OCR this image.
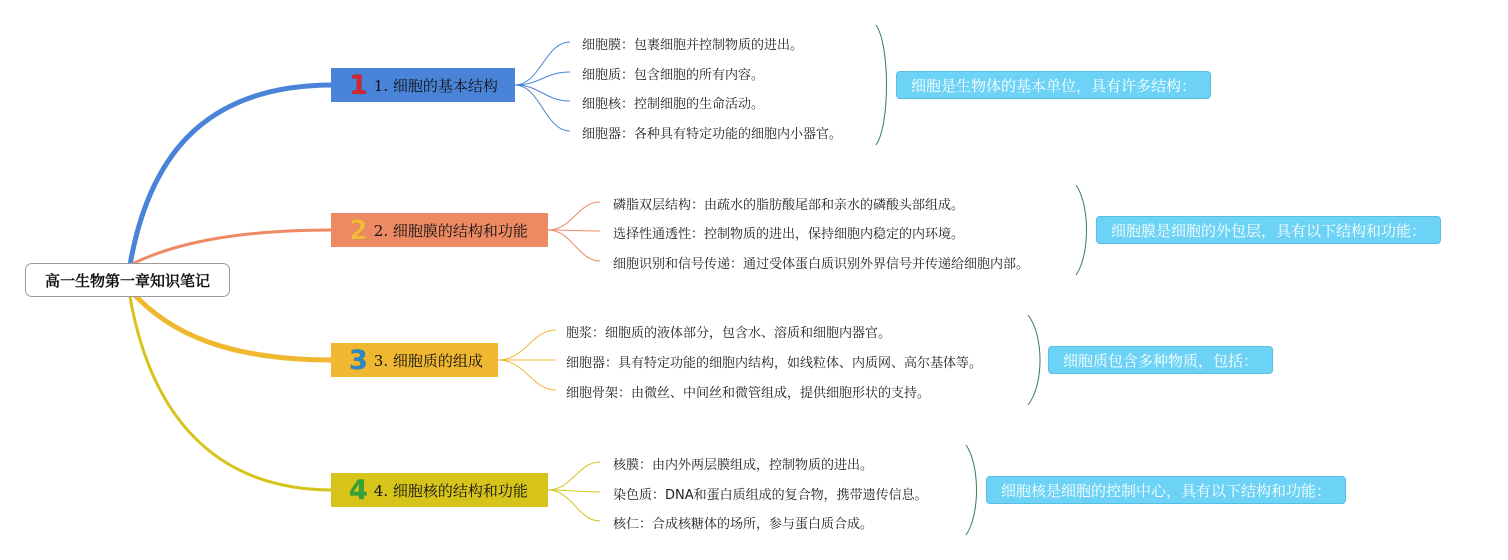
高一生物第一章知识笔记
1 1. 细胞的基本结构
细胞膜：包裹细胞并控制物质的进出。
细胞质：包含细胞的所有内容。
细胞核：控制细胞的生命活动。
细胞器：各种具有特定功能的细胞内小器官。
细胞是生物体的基本单位，具有许多结构：
2 2. 细胞膜的结构和功能
磷脂双层结构：由疏水的脂肪酸尾部和亲水的磷酸头部组成。
选择性通透性：控制物质的进出，保持细胞内稳定的内环境。
细胞识别和信号传递：通过受体蛋白质识别外界信号并传递给细胞内部。
细胞膜是细胞的外包层，具有以下结构和功能：
3 3. 细胞质的组成
胞浆：细胞质的液体部分，包含水、溶质和细胞内器官。
细胞器：具有特定功能的细胞内结构，如线粒体、内质网、高尔基体等。
细胞骨架：由微丝、中间丝和微管组成，提供细胞形状的支持。
细胞质包含多种物质，包括：
4 4. 细胞核的结构和功能
核膜：由内外两层膜组成，控制物质的进出。
染色质：DNA和蛋白质组成的复合物，携带遗传信息。
核仁：合成核糖体的场所，参与蛋白质合成。
细胞核是细胞的控制中心，具有以下结构和功能：
